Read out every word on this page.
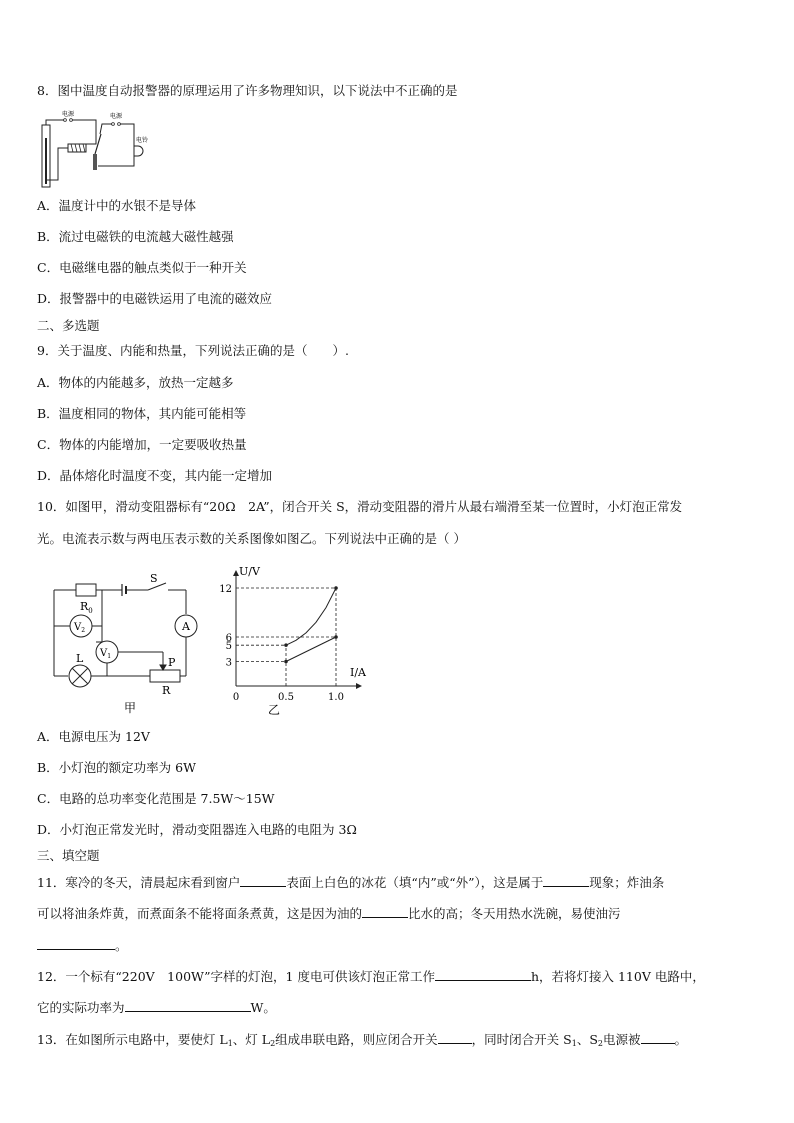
8．图中温度自动报警器的原理运用了许多物理知识，以下说法中不正确的是
电源	电源
电铃
A．温度计中的水银不是导体
B．流过电磁铁的电流越大磁性越强
C．电磁继电器的触点类似于一种开关
D．报警器中的电磁铁运用了电流的磁效应
二、多选题
9．关于温度、内能和热量，下列说法正确的是（　　）.
A．物体的内能越多，放热一定越多
B．温度相同的物体，其内能可能相等
C．物体的内能增加，一定要吸收热量
D．晶体熔化时温度不变，其内能一定增加
10．如图甲，滑动变阻器标有“20Ω　2A”，闭合开关 S，滑动变阻器的滑片从最右端滑至某一位置时，小灯泡正常发
光。电流表示数与两电压表示数的关系图像如图乙。下列说法中正确的是（ ）
S
$R_0$
$V_2$
$V_1$
A
L	P
R
甲
3
5
6
12
0	0.5	1.0
U/V
I/A
乙
A．电源电压为 12V
B．小灯泡的额定功率为 6W
C．电路的总功率变化范围是 7.5W～15W
D．小灯泡正常发光时，滑动变阻器连入电路的电阻为 3Ω
三、填空题
11．寒冷的冬天，清晨起床看到窗户	表面上白色的冰花（填“内”或“外”），这是属于	现象；炸油条
可以将油条炸黄，而煮面条不能将面条煮黄，这是因为油的	比水的高；冬天用热水洗碗，易使油污
。
12．一个标有“220V　100W”字样的灯泡，1 度电可供该灯泡正常工作	h，若将灯接入 110V 电路中，
它的实际功率为	W。
13．在如图所示电路中，要使灯 $L_1$、灯 $L_2$组成串联电路，则应闭合开关	，同时闭合开关 $S_1$、$S_2$电源被	。
